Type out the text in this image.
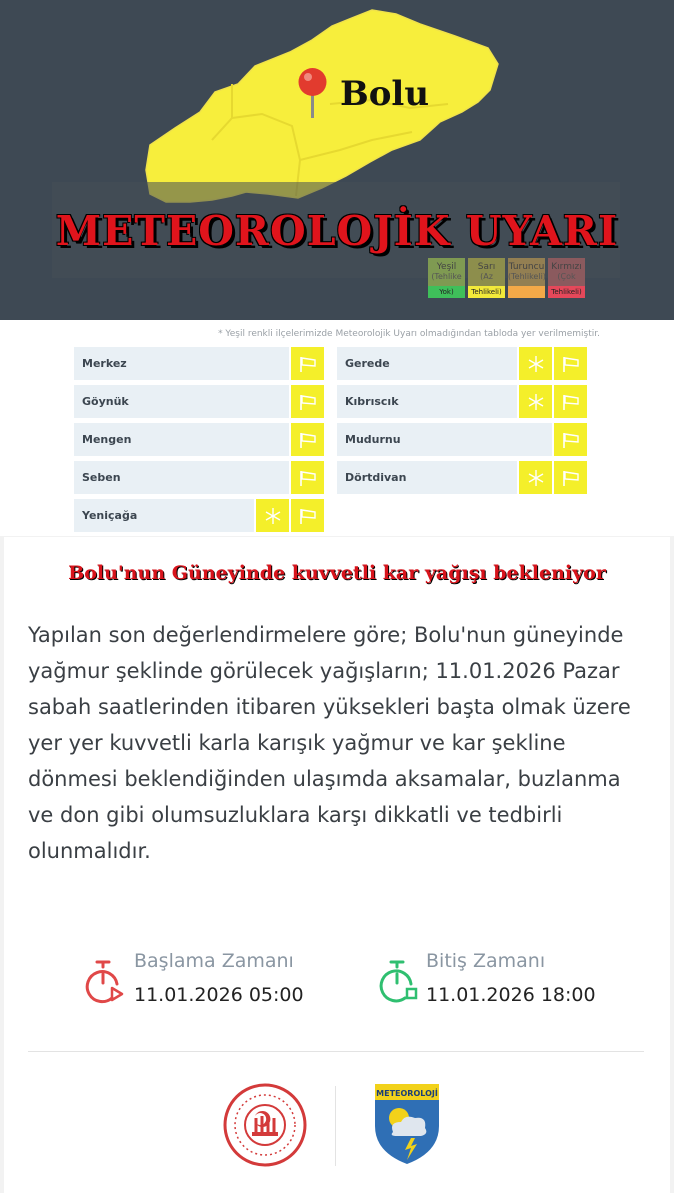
Bolu
METEOROLOJİK UYARI
Yeşil
(Tehlike
Yok)
Sarı
(Az
Tehlikeli)
Turuncu
(Tehlikeli)
Kırmızı
(Çok
Tehlikeli)
* Yeşil renkli ilçelerimizde Meteorolojik Uyarı olmadığından tabloda yer verilmemiştir.
Merkez
Göynük
Mengen
Seben
Yeniçağa
Gerede
Kıbrıscık
Mudurnu
Dörtdivan
Bolu'nun Güneyinde kuvvetli kar yağışı bekleniyor
Yapılan son değerlendirmelere göre; Bolu'nun güneyinde yağmur şeklinde görülecek yağışların; 11.01.2026 Pazar sabah saatlerinden itibaren yüksekleri başta olmak üzere yer yer kuvvetli karla karışık yağmur ve kar şekline dönmesi beklendiğinden ulaşımda aksamalar, buzlanma ve don gibi olumsuzluklara karşı dikkatli ve tedbirli olunmalıdır.
Başlama Zamanı
11.01.2026 05:00
Bitiş Zamanı
11.01.2026 18:00
METEOROLOJİ
